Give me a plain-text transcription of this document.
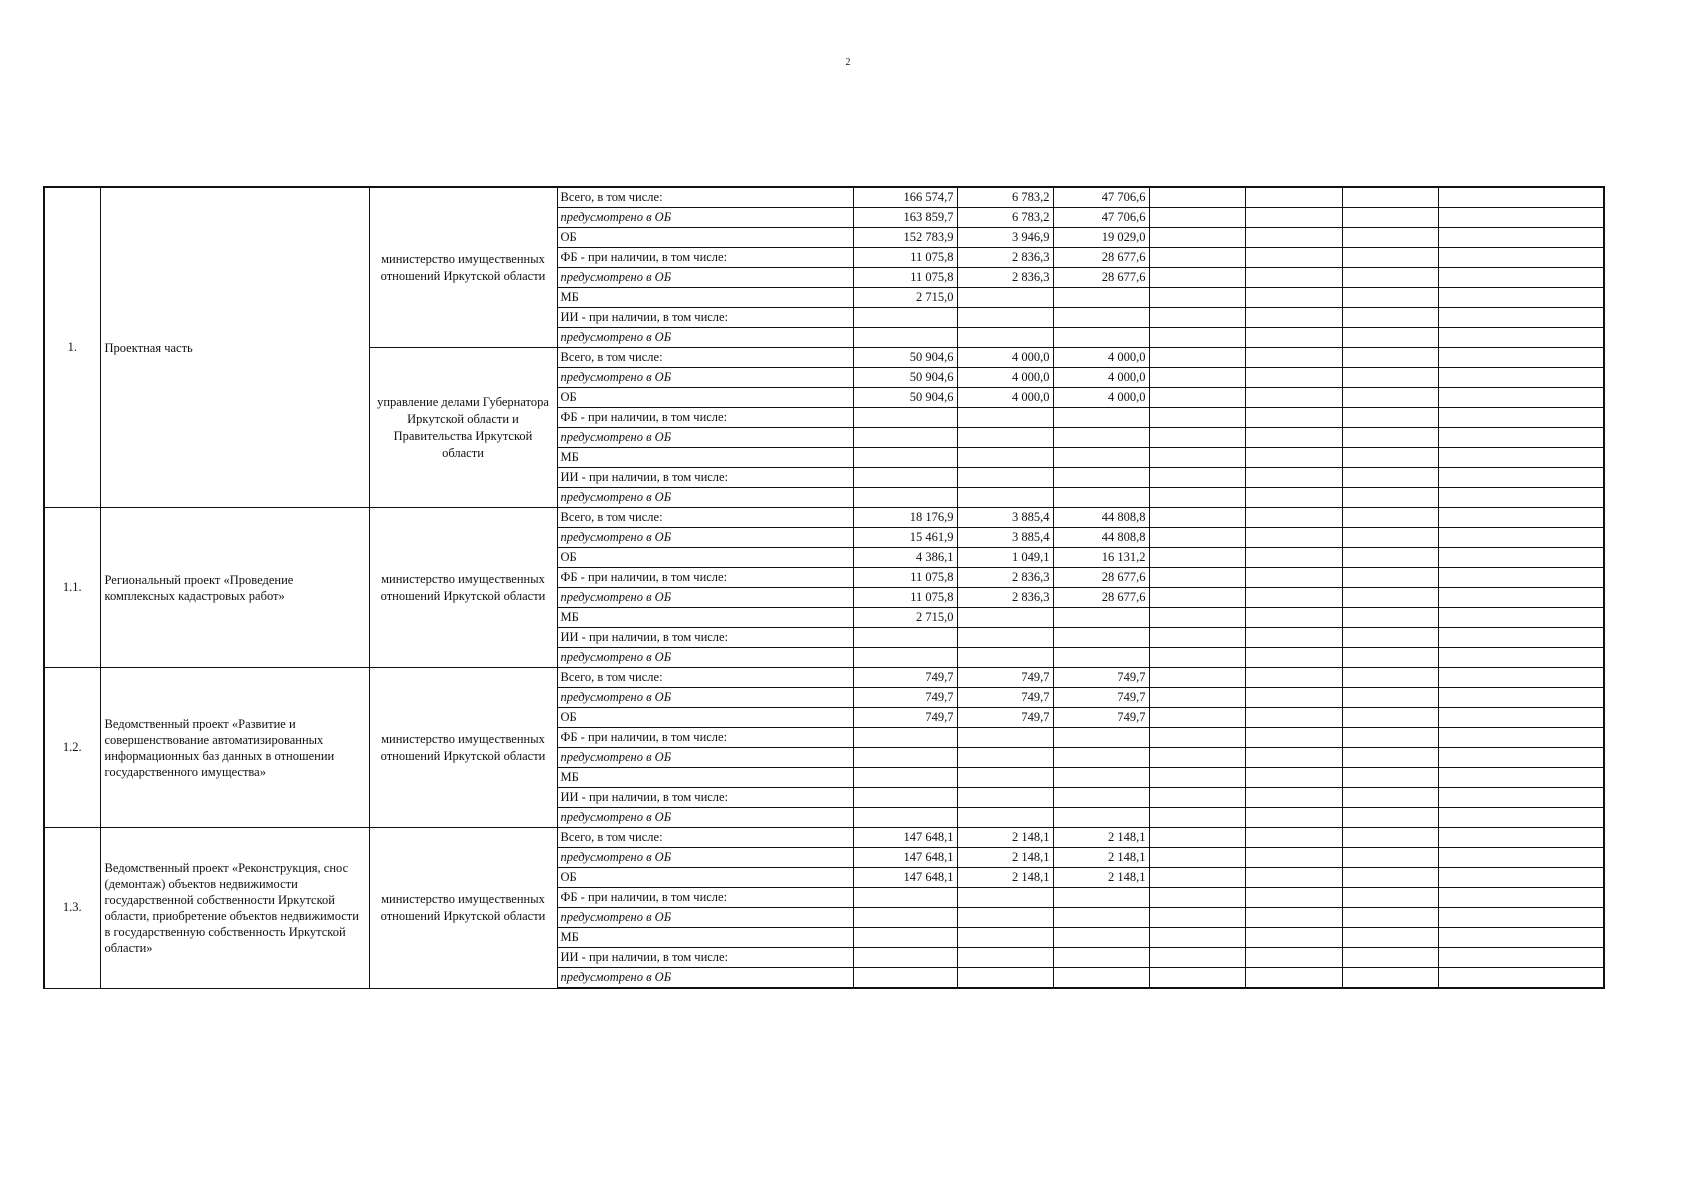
2
1.	Проектная часть	министерство имущественных отношений Иркутской области	Всего, в том числе:	166 574,7	6 783,2	47 706,6				
			предусмотрено в ОБ	163 859,7	6 783,2	47 706,6				
			ОБ	152 783,9	3 946,9	19 029,0				
			ФБ - при наличии, в том числе:	11 075,8	2 836,3	28 677,6				
			предусмотрено в ОБ	11 075,8	2 836,3	28 677,6				
			МБ	2 715,0						
			ИИ - при наличии, в том числе:							
			предусмотрено в ОБ							
		управление делами Губернатора Иркутской области и Правительства Иркутской области	Всего, в том числе:	50 904,6	4 000,0	4 000,0				
			предусмотрено в ОБ	50 904,6	4 000,0	4 000,0				
			ОБ	50 904,6	4 000,0	4 000,0				
			ФБ - при наличии, в том числе:							
			предусмотрено в ОБ							
			МБ							
			ИИ - при наличии, в том числе:							
			предусмотрено в ОБ							
1.1.	Региональный проект «Проведение комплексных кадастровых работ»	министерство имущественных отношений Иркутской области	Всего, в том числе:	18 176,9	3 885,4	44 808,8				
			предусмотрено в ОБ	15 461,9	3 885,4	44 808,8				
			ОБ	4 386,1	1 049,1	16 131,2				
			ФБ - при наличии, в том числе:	11 075,8	2 836,3	28 677,6				
			предусмотрено в ОБ	11 075,8	2 836,3	28 677,6				
			МБ	2 715,0						
			ИИ - при наличии, в том числе:							
			предусмотрено в ОБ							
1.2.	Ведомственный проект «Развитие и совершенствование автоматизированных информационных баз данных в отношении государственного имущества»	министерство имущественных отношений Иркутской области	Всего, в том числе:	749,7	749,7	749,7				
			предусмотрено в ОБ	749,7	749,7	749,7				
			ОБ	749,7	749,7	749,7				
			ФБ - при наличии, в том числе:							
			предусмотрено в ОБ							
			МБ							
			ИИ - при наличии, в том числе:							
			предусмотрено в ОБ							
1.3.	Ведомственный проект «Реконструкция, снос (демонтаж) объектов недвижимости государственной собственности Иркутской области, приобретение объектов недвижимости в государственную собственность Иркутской области»	министерство имущественных отношений Иркутской области	Всего, в том числе:	147 648,1	2 148,1	2 148,1				
			предусмотрено в ОБ	147 648,1	2 148,1	2 148,1				
			ОБ	147 648,1	2 148,1	2 148,1				
			ФБ - при наличии, в том числе:							
			предусмотрено в ОБ							
			МБ							
			ИИ - при наличии, в том числе:							
			предусмотрено в ОБ							
